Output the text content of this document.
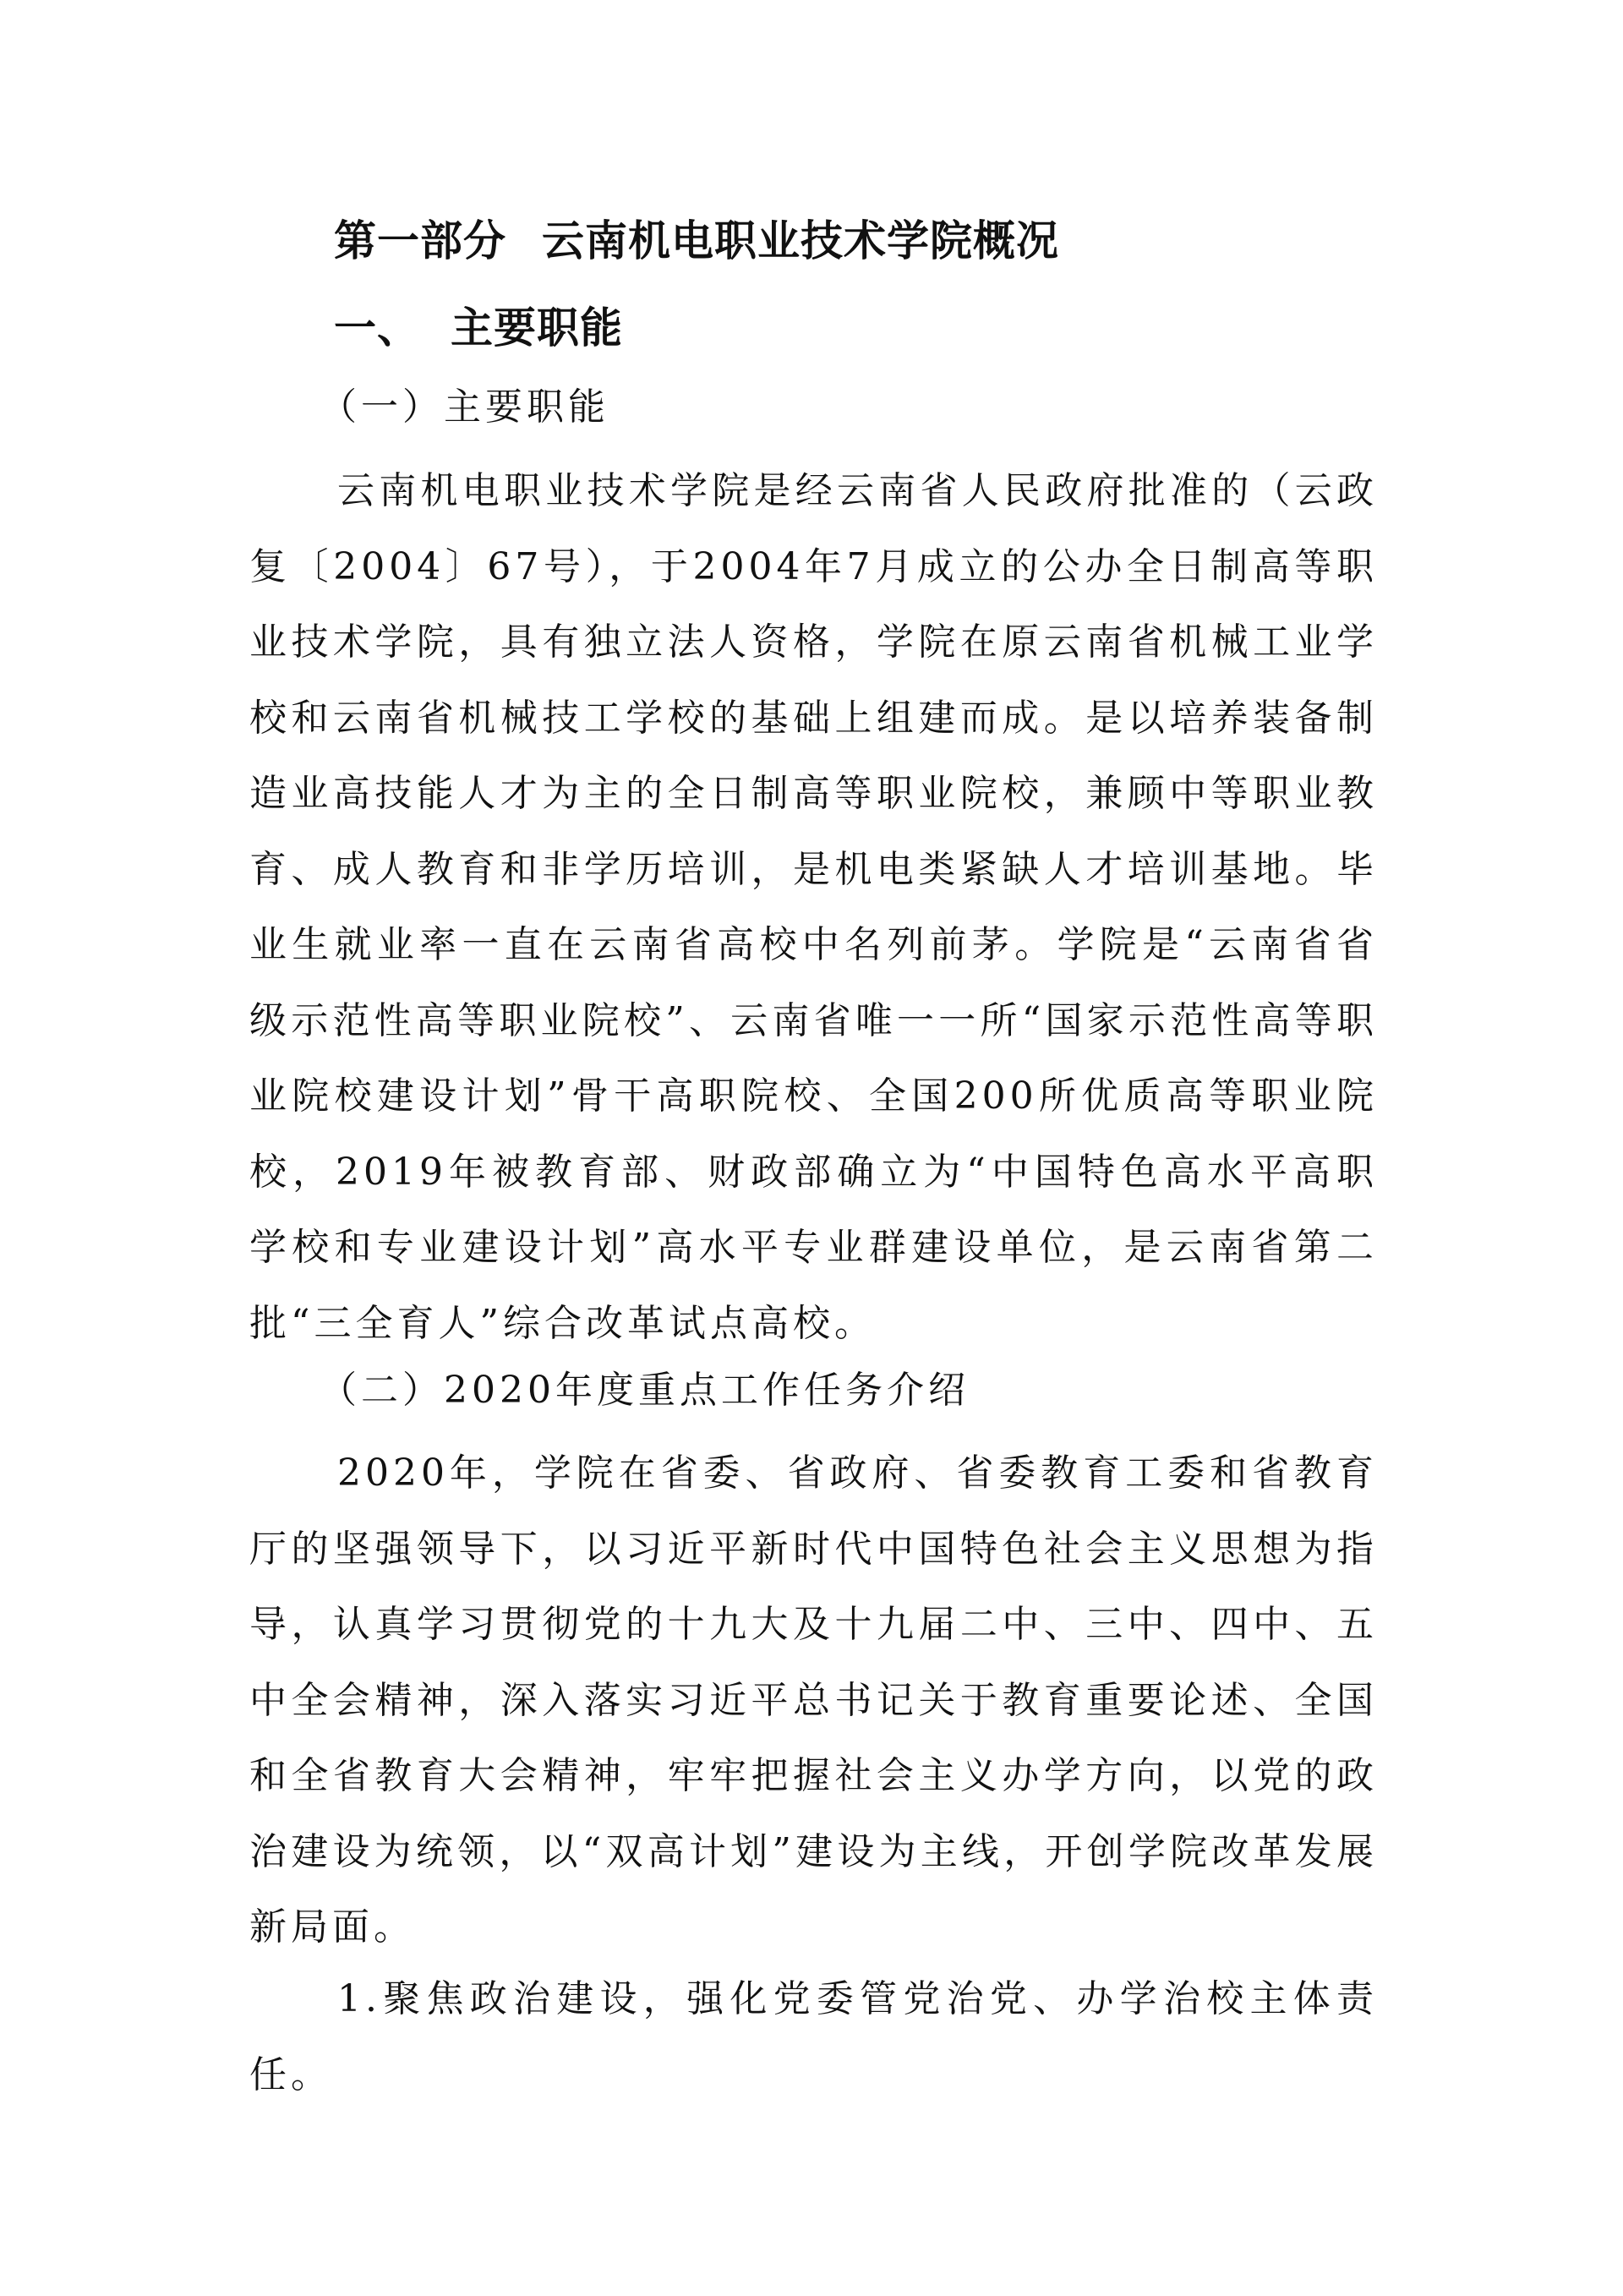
第一部分 云南机电职业技术学院概况
一、 主要职能
（一）主要职能

云南机电职业技术学院是经云南省人民政府批准的（云政复〔2004〕67号），于2004年7月成立的公办全日制高等职业技术学院，具有独立法人资格，学院在原云南省机械工业学校和云南省机械技工学校的基础上组建而成。是以培养装备制造业高技能人才为主的全日制高等职业院校，兼顾中等职业教育、成人教育和非学历培训，是机电类紧缺人才培训基地。毕业生就业率一直在云南省高校中名列前茅。学院是“云南省省级示范性高等职业院校”、云南省唯一一所“国家示范性高等职业院校建设计划”骨干高职院校、全国200所优质高等职业院校，2019年被教育部、财政部确立为“中国特色高水平高职学校和专业建设计划”高水平专业群建设单位，是云南省第二批“三全育人”综合改革试点高校。

（二）2020年度重点工作任务介绍

2020年，学院在省委、省政府、省委教育工委和省教育厅的坚强领导下，以习近平新时代中国特色社会主义思想为指导，认真学习贯彻党的十九大及十九届二中、三中、四中、五中全会精神，深入落实习近平总书记关于教育重要论述、全国和全省教育大会精神，牢牢把握社会主义办学方向，以党的政治建设为统领，以“双高计划”建设为主线，开创学院改革发展新局面。

1.聚焦政治建设，强化党委管党治党、办学治校主体责任。
